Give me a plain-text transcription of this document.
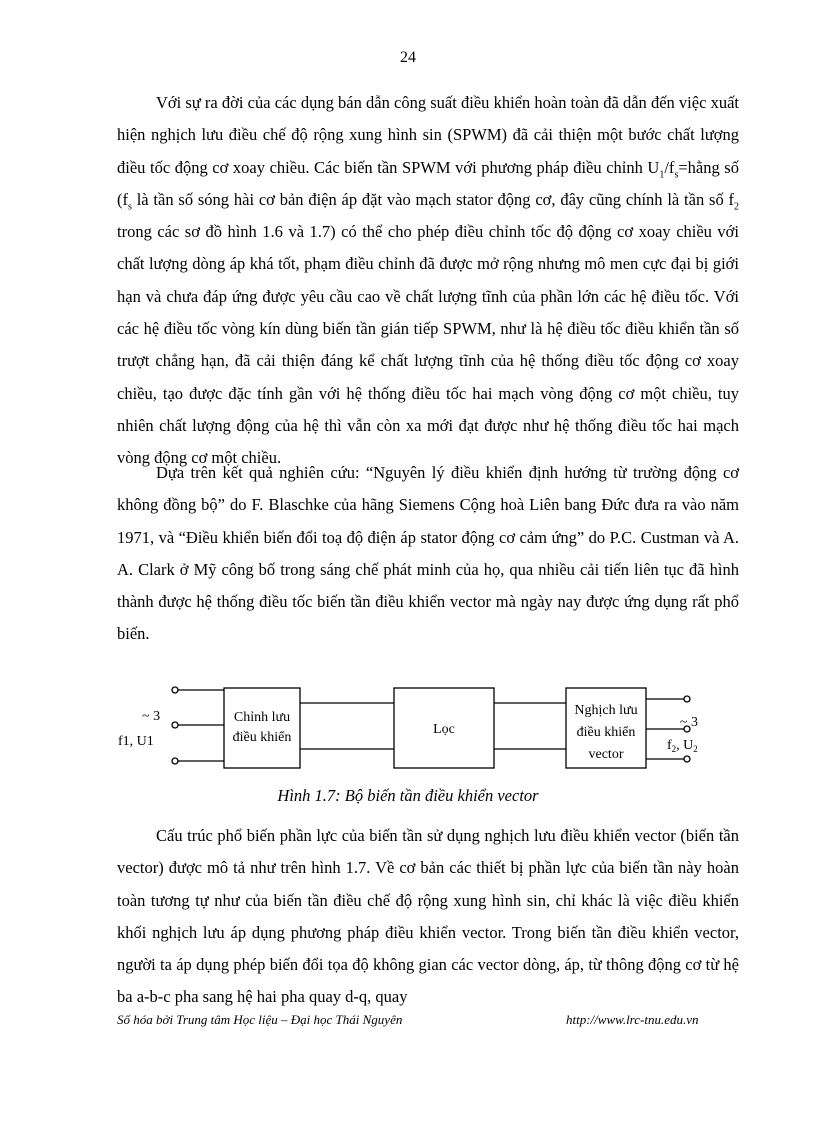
24

Với sự ra đời của các dụng bán dẫn công suất điều khiển hoàn toàn đã dẫn đến việc xuất hiện nghịch lưu điều chế độ rộng xung hình sin (SPWM) đã cải thiện một bước chất lượng điều tốc động cơ xoay chiều. Các biến tần SPWM với phương pháp điều chỉnh $U_1/f_s=hằng$ số ($f_s$ là tần số sóng hài cơ bản điện áp đặt vào mạch stator động cơ, đây cũng chính là tần số $f_2$ trong các sơ đồ hình 1.6 và 1.7) có thể cho phép điều chỉnh tốc độ động cơ xoay chiều với chất lượng dòng áp khá tốt, phạm điều chỉnh đã được mở rộng nhưng mô men cực đại bị giới hạn và chưa đáp ứng được yêu cầu cao về chất lượng tĩnh của phần lớn các hệ điều tốc. Với các hệ điều tốc vòng kín dùng biến tần gián tiếp SPWM, như là hệ điều tốc điều khiển tần số trượt chẳng hạn, đã cải thiện đáng kể chất lượng tĩnh của hệ thống điều tốc động cơ xoay chiều, tạo được đặc tính gần với hệ thống điều tốc hai mạch vòng động cơ một chiều, tuy nhiên chất lượng động của hệ thì vẫn còn xa mới đạt được như hệ thống điều tốc hai mạch vòng động cơ một chiều.

Dựa trên kết quả nghiên cứu: “Nguyên lý điều khiển định hướng từ trường động cơ không đồng bộ” do F. Blaschke của hãng Siemens Cộng hoà Liên bang Đức đưa ra vào năm 1971, và “Điều khiển biến đổi toạ độ điện áp stator động cơ cảm ứng” do P.C. Custman và A. A. Clark ở Mỹ công bố trong sáng chế phát minh của họ, qua nhiều cải tiến liên tục đã hình thành được hệ thống điều tốc biến tần điều khiển vector mà ngày nay được ứng dụng rất phổ biến.

~ 3
f1, U1
Chỉnh lưu
điều khiển
Lọc
Nghịch lưu
điều khiển
vector
~ 3
$f_2$, $U_2$
Hình 1.7: Bộ biến tần điều khiển vector

Cấu trúc phổ biến phần lực của biến tần sử dụng nghịch lưu điều khiển vector (biến tần vector) được mô tả như trên hình 1.7. Về cơ bản các thiết bị phần lực của biến tần này hoàn toàn tương tự như của biến tần điều chế độ rộng xung hình sin, chỉ khác là việc điều khiển khối nghịch lưu áp dụng phương pháp điều khiển vector. Trong biến tần điều khiển vector, người ta áp dụng phép biến đổi tọa độ không gian các vector dòng, áp, từ thông động cơ từ hệ ba a-b-c pha sang hệ hai pha quay d-q, quay

Số hóa bởi Trung tâm Học liệu – Đại học Thái Nguyên	http://www.lrc-tnu.edu.vn
